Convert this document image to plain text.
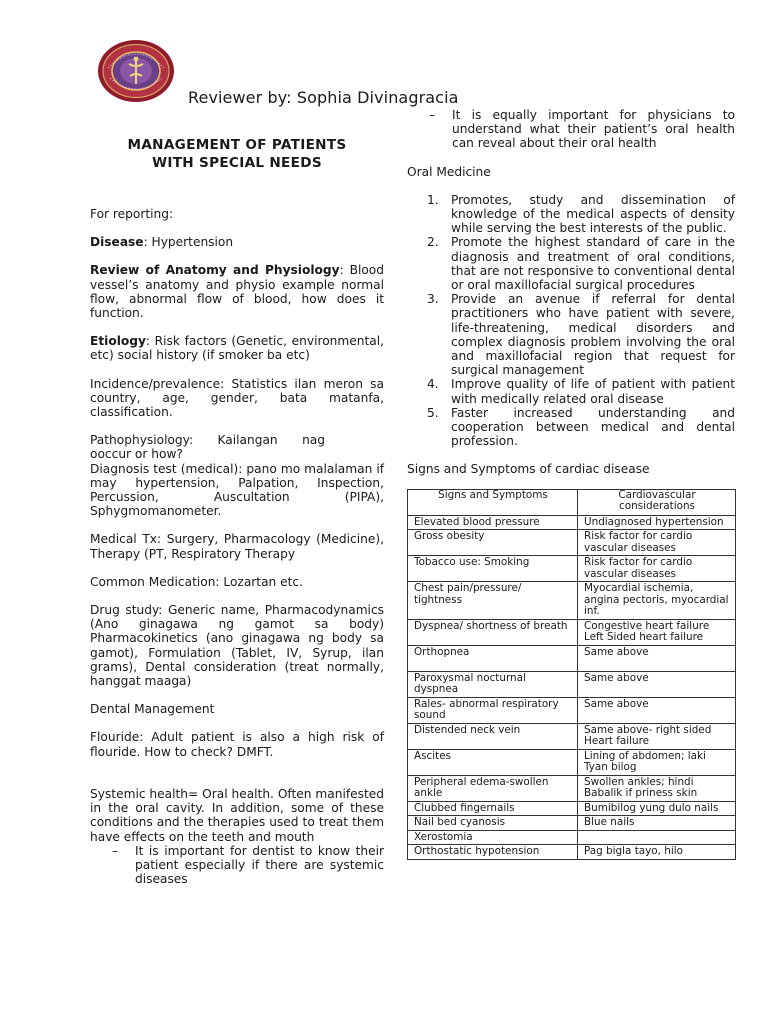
Reviewer by: Sophia Divinagracia
MANAGEMENT OF PATIENTS
WITH SPECIAL NEEDS
For reporting:
Disease: Hypertension
Review of Anatomy and Physiology: Blood vessel’s anatomy and physio example normal flow, abnormal flow of blood, how does it function.
Etiology: Risk factors (Genetic, environmental, etc) social history (if smoker ba etc)
Incidence/prevalence: Statistics ilan meron sa country, age, gender, bata matanfa, classification.
Pathophysiology: Kailangan nag ooccur or how?
Diagnosis test (medical): pano mo malalaman if may hypertension, Palpation, Inspection, Percussion, Auscultation (PIPA), Sphygmomanometer.
Medical Tx: Surgery, Pharmacology (Medicine), Therapy (PT, Respiratory Therapy
Common Medication: Lozartan etc.
Drug study: Generic name, Pharmacodynamics (Ano ginagawa ng gamot sa body) Pharmacokinetics (ano ginagawa ng body sa gamot), Formulation (Tablet, IV, Syrup, ilan grams), Dental consideration (treat normally, hanggat maaga)
Dental Management
Flouride: Adult patient is also a high risk of flouride. How to check? DMFT.
Systemic health= Oral health. Often manifested in the oral cavity. In addition, some of these conditions and the therapies used to treat them have effects on the teeth and mouth
– It is important for dentist to know their patient especially if there are systemic diseases
– It is equally important for physicians to understand what their patient’s oral health can reveal about their oral health
Oral Medicine
1. Promotes, study and dissemination of knowledge of the medical aspects of density while serving the best interests of the public.
2. Promote the highest standard of care in the diagnosis and treatment of oral conditions, that are not responsive to conventional dental or oral maxillofacial surgical procedures
3. Provide an avenue if referral for dental practitioners who have patient with severe, life-threatening, medical disorders and complex diagnosis problem involving the oral and maxillofacial region that request for surgical management
4. Improve quality of life of patient with patient with medically related oral disease
5. Faster increased understanding and cooperation between medical and dental profession.
Signs and Symptoms of cardiac disease
Signs and Symptoms	Cardiovascular considerations
Elevated blood pressure	Undiagnosed hypertension
Gross obesity	Risk factor for cardio vascular diseases
Tobacco use: Smoking	Risk factor for cardio vascular diseases
Chest pain/pressure/ tightness	Myocardial ischemia, angina pectoris, myocardial inf.
Dyspnea/ shortness of breath	Congestive heart failure Left Sided heart failure
Orthopnea	Same above
Paroxysmal nocturnal dyspnea	Same above
Rales- abnormal respiratory sound	Same above
Distended neck vein	Same above- right sided Heart failure
Ascites	Lining of abdomen; laki Tyan bilog
Peripheral edema-swollen ankle	Swollen ankles; hindi Babalik if priness skin
Clubbed fingernails	Bumibilog yung dulo nails
Nail bed cyanosis	Blue nails
Xerostomia	
Orthostatic hypotension	Pag bigla tayo, hilo
